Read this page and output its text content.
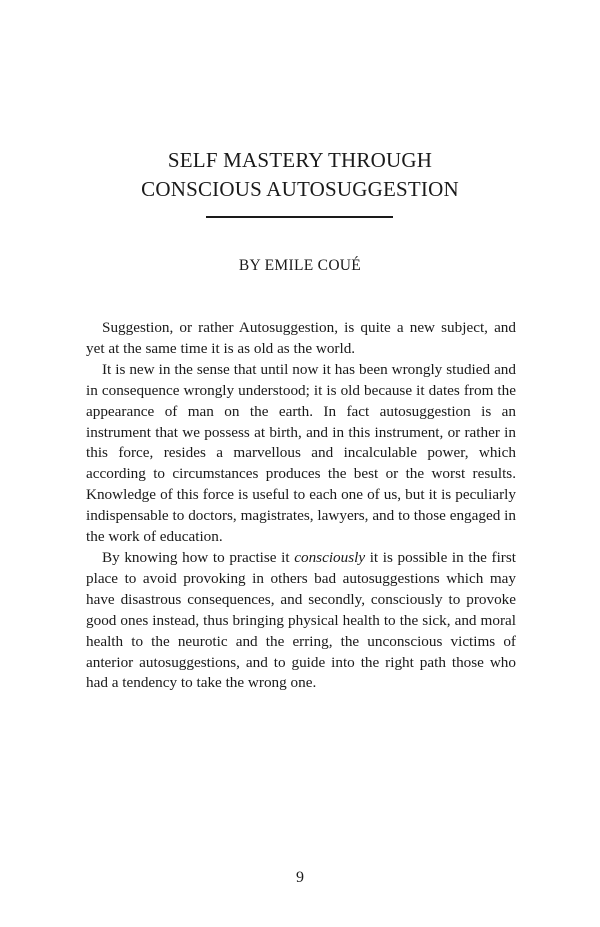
SELF MASTERY THROUGH
CONSCIOUS AUTOSUGGESTION
BY EMILE COUÉ

Suggestion, or rather Autosuggestion, is quite a new subject, and yet at the same time it is as old as the world.

It is new in the sense that until now it has been wrongly studied and in consequence wrongly understood; it is old because it dates from the appearance of man on the earth. In fact autosuggestion is an instrument that we possess at birth, and in this instrument, or rather in this force, resides a marvellous and incalculable power, which according to circumstances produces the best or the worst results. Knowledge of this force is useful to each one of us, but it is peculiarly indispensable to doctors, magistrates, lawyers, and to those engaged in the work of education.

By knowing how to practise it consciously it is possible in the first place to avoid provoking in others bad autosuggestions which may have disastrous consequences, and secondly, consciously to provoke good ones instead, thus bringing physical health to the sick, and moral health to the neurotic and the erring, the unconscious victims of anterior autosuggestions, and to guide into the right path those who had a tendency to take the wrong one.

9
